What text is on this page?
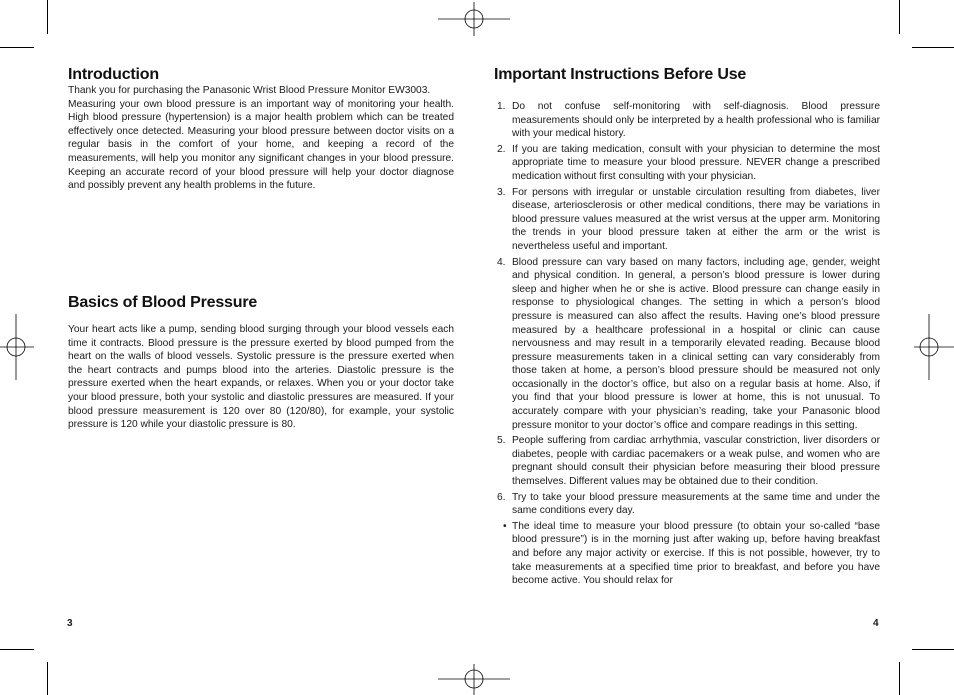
Introduction

Thank you for purchasing the Panasonic Wrist Blood Pressure Monitor EW3003.

Measuring your own blood pressure is an important way of monitoring your health. High blood pressure (hypertension) is a major health problem which can be treated effectively once detected. Measuring your blood pressure between doctor visits on a regular basis in the comfort of your home, and keeping a record of the measurements, will help you monitor any significant changes in your blood pressure. Keeping an accurate record of your blood pressure will help your doctor diagnose and possibly prevent any health problems in the future.

Basics of Blood Pressure

Your heart acts like a pump, sending blood surging through your blood vessels each time it contracts. Blood pressure is the pressure exerted by blood pumped from the heart on the walls of blood vessels. Systolic pressure is the pressure exerted when the heart contracts and pumps blood into the arteries. Diastolic pressure is the pressure exerted when the heart expands, or relaxes. When you or your doctor take your blood pressure, both your systolic and diastolic pressures are measured. If your blood pressure measurement is 120 over 80 (120/80), for example, your systolic pressure is 120 while your diastolic pressure is 80.

Important Instructions Before Use
1. Do not confuse self-monitoring with self-diagnosis. Blood pressure measurements should only be interpreted by a health professional who is familiar with your medical history.
2. If you are taking medication, consult with your physician to determine the most appropriate time to measure your blood pressure. NEVER change a prescribed medication without first consulting with your physician.
3. For persons with irregular or unstable circulation resulting from diabetes, liver disease, arteriosclerosis or other medical conditions, there may be variations in blood pressure values measured at the wrist versus at the upper arm. Monitoring the trends in your blood pressure taken at either the arm or the wrist is nevertheless useful and important.
4. Blood pressure can vary based on many factors, including age, gender, weight and physical condition. In general, a person’s blood pressure is lower during sleep and higher when he or she is active. Blood pressure can change easily in response to physiological changes. The setting in which a person’s blood pressure is measured can also affect the results. Having one’s blood pressure measured by a healthcare professional in a hospital or clinic can cause nervousness and may result in a temporarily elevated reading. Because blood pressure measurements taken in a clinical setting can vary considerably from those taken at home, a person’s blood pressure should be measured not only occasionally in the doctor’s office, but also on a regular basis at home. Also, if you find that your blood pressure is lower at home, this is not unusual. To accurately compare with your physician’s reading, take your Panasonic blood pressure monitor to your doctor’s office and compare readings in this setting.
5. People suffering from cardiac arrhythmia, vascular constriction, liver disorders or diabetes, people with cardiac pacemakers or a weak pulse, and women who are pregnant should consult their physician before measuring their blood pressure themselves. Different values may be obtained due to their condition.
6. Try to take your blood pressure measurements at the same time and under the same conditions every day.
• The ideal time to measure your blood pressure (to obtain your so-called “base blood pressure”) is in the morning just after waking up, before having breakfast and before any major activity or exercise. If this is not possible, however, try to take measurements at a specified time prior to breakfast, and before you have become active. You should relax for
3	4
